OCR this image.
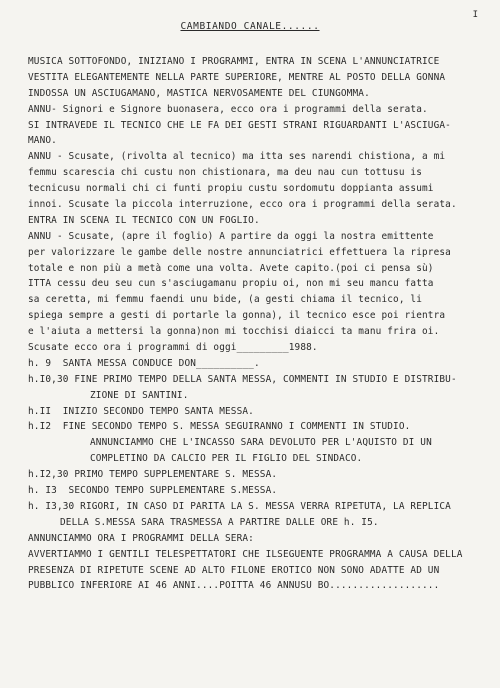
I
CAMBIANDO CANALE......
MUSICA SOTTOFONDO, INIZIANO I PROGRAMMI, ENTRA IN SCENA L'ANNUNCIATRICE
VESTITA ELEGANTEMENTE NELLA PARTE SUPERIORE, MENTRE AL POSTO DELLA GONNA
INDOSSA UN ASCIUGAMANO, MASTICA NERVOSAMENTE DEL CIUNGOMMA.
ANNU- Signori e Signore buonasera, ecco ora i programmi della serata.
SI INTRAVEDE IL TECNICO CHE LE FA DEI GESTI STRANI RIGUARDANTI L'ASCIUGA-
MANO.
ANNU - Scusate, (rivolta al tecnico) ma itta ses narendi chistiona, a mi
femmu scarescia chi custu non chistionara, ma deu nau cun tottusu is
tecnicusu normali chi ci funti propiu custu sordomutu doppianta assumi
innoi. Scusate la piccola interruzione, ecco ora i programmi della serata.
ENTRA IN SCENA IL TECNICO CON UN FOGLIO.
ANNU - Scusate, (apre il foglio) A partire da oggi la nostra emittente
per valorizzare le gambe delle nostre annunciatrici effettuera la ripresa
totale e non più a metà come una volta. Avete capito.(poi ci pensa sù)
ITTA cessu deu seu cun s'asciugamanu propiu oi, non mi seu mancu fatta
sa ceretta, mi femmu faendi unu bide, (a gesti chiama il tecnico, li
spiega sempre a gesti di portarle la gonna), il tecnico esce poi rientra
e l'aiuta a mettersi la gonna)non mi tocchisi diaicci ta manu frira oi.
Scusate ecco ora i programmi di oggi_________1988.
h. 9  SANTA MESSA CONDUCE DON__________.
h.I0,30 FINE PRIMO TEMPO DELLA SANTA MESSA, COMMENTI IN STUDIO E DISTRIBU-
ZIONE DI SANTINI.
h.II  INIZIO SECONDO TEMPO SANTA MESSA.
h.I2  FINE SECONDO TEMPO S. MESSA SEGUIRANNO I COMMENTI IN STUDIO.
ANNUNCIAMMO CHE L'INCASSO SARA DEVOLUTO PER L'AQUISTO DI UN
COMPLETINO DA CALCIO PER IL FIGLIO DEL SINDACO.
h.I2,30 PRIMO TEMPO SUPPLEMENTARE S. MESSA.
h. I3  SECONDO TEMPO SUPPLEMENTARE S.MESSA.
h. I3,30 RIGORI, IN CASO DI PARITA LA S. MESSA VERRA RIPETUTA, LA REPLICA
DELLA S.MESSA SARA TRASMESSA A PARTIRE DALLE ORE h. I5.
ANNUNCIAMMO ORA I PROGRAMMI DELLA SERA:
AVVERTIAMMO I GENTILI TELESPETTATORI CHE ILSEGUENTE PROGRAMMA A CAUSA DELLA
PRESENZA DI RIPETUTE SCENE AD ALTO FILONE EROTICO NON SONO ADATTE AD UN
PUBBLICO INFERIORE AI 46 ANNI....POITTA 46 ANNUSU BO...................
